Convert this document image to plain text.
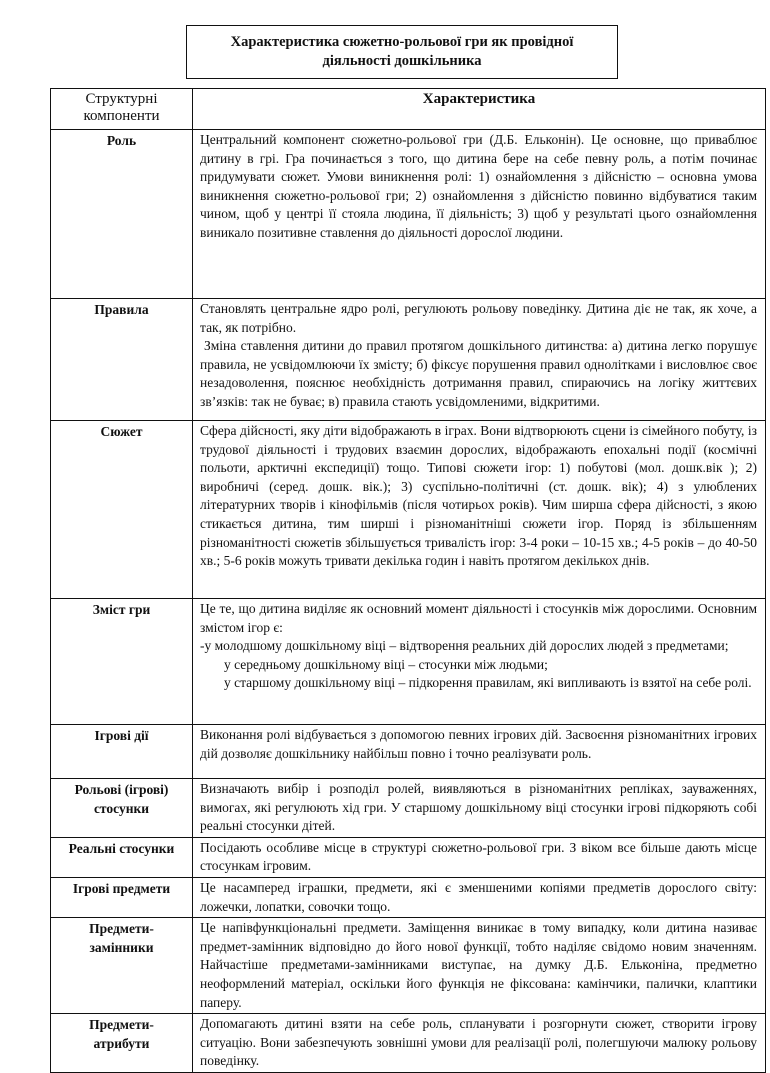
Характеристика сюжетно-рольової гри як провідної
діяльності дошкільника
Структурні
компоненти	Характеристика
Роль	Центральний компонент сюжетно-рольової гри (Д.Б. Ельконін). Це основне, що приваблює дитину в грі. Гра починається з того, що дитина бере на себе певну роль, а потім починає придумувати сюжет. Умови виникнення ролі: 1) ознайомлення з дійсністю – основна умова виникнення сюжетно-рольової гри; 2) ознайомлення з дійсністю повинно відбуватися таким чином, щоб у центрі її стояла людина, її діяльність; 3) щоб у результаті цього ознайомлення виникало позитивне ставлення до діяльності дорослої людини.

Правила	Становлять центральне ядро ролі, регулюють рольову поведінку. Дитина діє не так, як хоче, а так, як потрібно.
Зміна ставлення дитини до правил протягом дошкільного дитинства: а) дитина легко порушує правила, не усвідомлюючи їх змісту; б) фіксує порушення правил однолітками і висловлює своє незадоволення, пояснює необхідність дотримання правил, спираючись на логіку життєвих зв’язків: так не буває; в) правила стають усвідомленими, відкритими.

Сюжет	Сфера дійсності, яку діти відображають в іграх. Вони відтворюють сцени із сімейного побуту, із трудової діяльності і трудових взаємин дорослих, відображають епохальні події (космічні польоти, арктичні експедиції) тощо. Типові сюжети ігор: 1) побутові (мол. дошк.вік ); 2) виробничі (серед. дошк. вік.); 3) суспільно-політичні (ст. дошк. вік); 4) з улюблених літературних творів і кінофільмів (після чотирьох років). Чим ширша сфера дійсності, з якою стикається дитина, тим ширші і різноманітніші сюжети ігор. Поряд із збільшенням різноманітності сюжетів збільшується тривалість ігор: 3-4 роки – 10-15 хв.; 4-5 років – до 40-50 хв.; 5-6 років можуть тривати декілька годин і навіть протягом декількох днів.

Зміст гри	Це те, що дитина виділяє як основний момент діяльності і стосунків між дорослими. Основним змістом ігор є:
-у молодшому дошкільному віці – відтворення реальних дій дорослих людей з предметами;
у середньому дошкільному віці – стосунки між людьми;
у старшому дошкільному віці – підкорення правилам, які випливають із взятої на себе ролі.

Ігрові дії	Виконання ролі відбувається з допомогою певних ігрових дій. Засвоєння різноманітних ігрових дій дозволяє дошкільнику найбільш повно і точно реалізувати роль.

Рольові (ігрові)
стосунки	Визначають вибір і розподіл ролей, виявляються в різноманітних репліках, зауваженнях, вимогах, які регулюють хід гри. У старшому дошкільному віці стосунки ігрові підкоряють собі реальні стосунки дітей.

Реальні стосунки	Посідають особливе місце в структурі сюжетно-рольової гри. З віком все більше дають місце стосункам ігровим.

Ігрові предмети	Це насамперед іграшки, предмети, які є зменшеними копіями предметів дорослого світу: ложечки, лопатки, совочки тощо.

Предмети-
замінники	Це напівфункціональні предмети. Заміщення виникає в тому випадку, коли дитина називає предмет-замінник відповідно до його нової функції, тобто наділяє свідомо новим значенням. Найчастіше предметами-замінниками виступає, на думку Д.Б. Ельконіна, предметно неоформлений матеріал, оскільки його функція не фіксована: камінчики, палички, клаптики паперу.

Предмети-
атрибути	Допомагають дитині взяти на себе роль, спланувати і розгорнути сюжет, створити ігрову ситуацію. Вони забезпечують зовнішні умови для реалізації ролі, полегшуючи малюку рольову поведінку.
